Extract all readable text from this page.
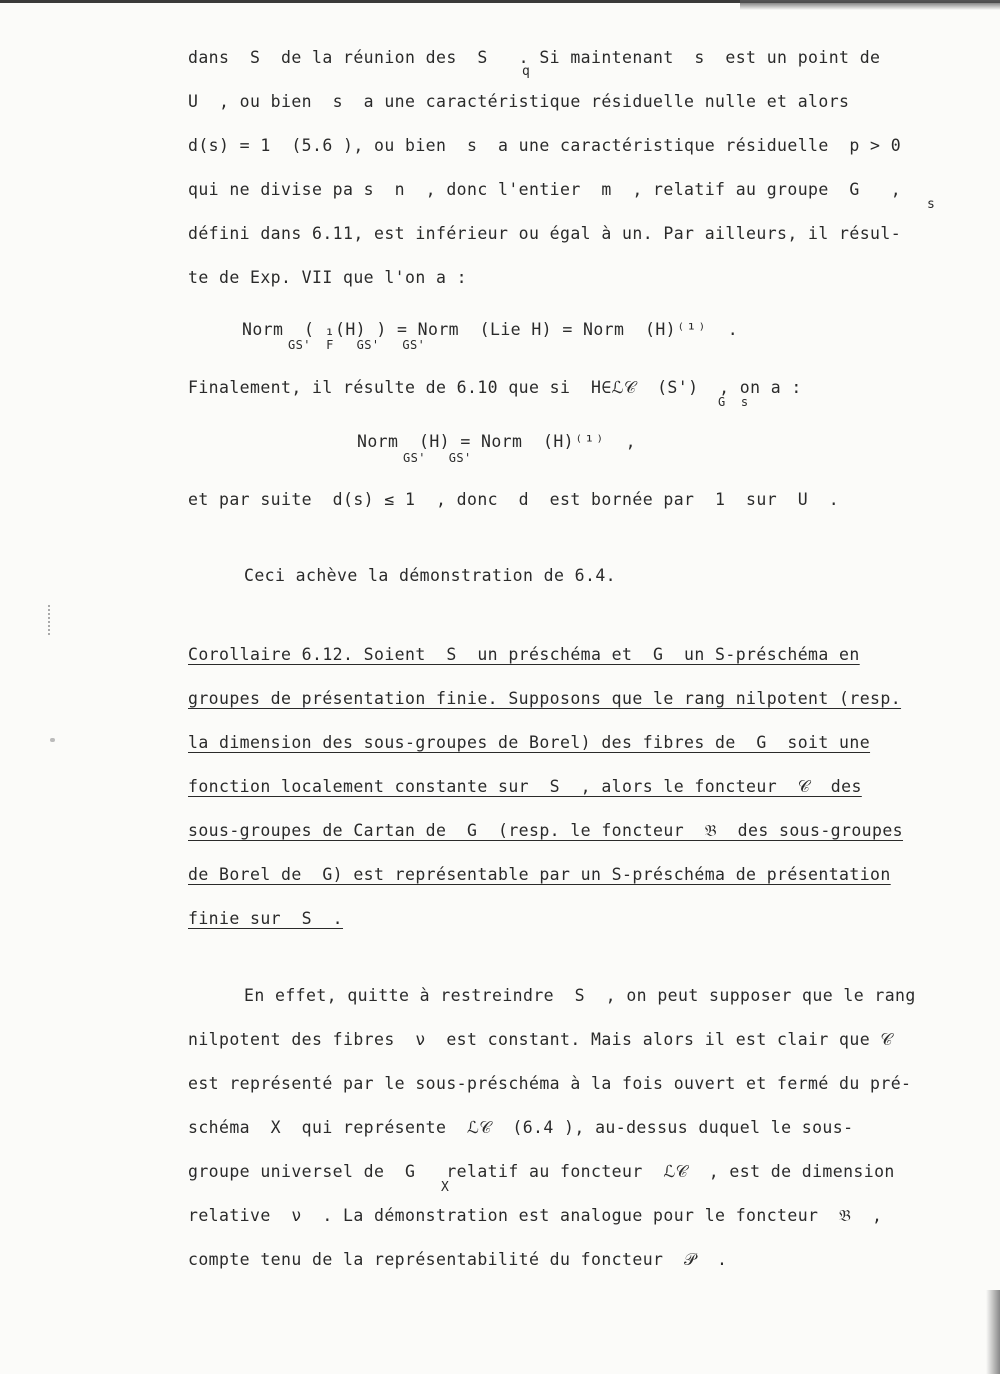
dans  S  de la réunion des  S   . Si maintenant  s  est un point de
q
U  , ou bien  s  a une caractéristique résiduelle nulle et alors
d(s) = 1  (5.6 ), ou bien  s  a une caractéristique résiduelle  p > 0
qui ne divise pa s  n  , donc l'entier  m  , relatif au groupe  G   ,
s
défini dans 6.11, est inférieur ou égal à un. Par ailleurs, il résul-
te de Exp. VII que l'on a :
Norm  ( ₁(H) ) = Norm  (Lie H) = Norm  (H)⁽¹⁾  .
GS'  F   GS'   GS'
Finalement, il résulte de 6.10 que si  H∈ℒ𝒞  (S')  , on a :
G  s
Norm  (H) = Norm  (H)⁽¹⁾  ,
GS'   GS'
et par suite  d(s) ≤ 1  , donc  d  est bornée par  1  sur  U  .
Ceci achève la démonstration de 6.4.
Corollaire 6.12. Soient  S  un préschéma et  G  un S-préschéma en
groupes de présentation finie. Supposons que le rang nilpotent (resp.
la dimension des sous-groupes de Borel) des fibres de  G  soit une
fonction localement constante sur  S  , alors le foncteur  𝒞  des
sous-groupes de Cartan de  G  (resp. le foncteur  𝔅  des sous-groupes
de Borel de  G) est représentable par un S-préschéma de présentation
finie sur  S  .
En effet, quitte à restreindre  S  , on peut supposer que le rang
nilpotent des fibres  ν  est constant. Mais alors il est clair que 𝒞
est représenté par le sous-préschéma à la fois ouvert et fermé du pré-
schéma  X  qui représente  ℒ𝒞  (6.4 ), au-dessus duquel le sous-
groupe universel de  G   relatif au foncteur  ℒ𝒞  , est de dimension
X
relative  ν  . La démonstration est analogue pour le foncteur  𝔅  ,
compte tenu de la représentabilité du foncteur  𝒫  .
